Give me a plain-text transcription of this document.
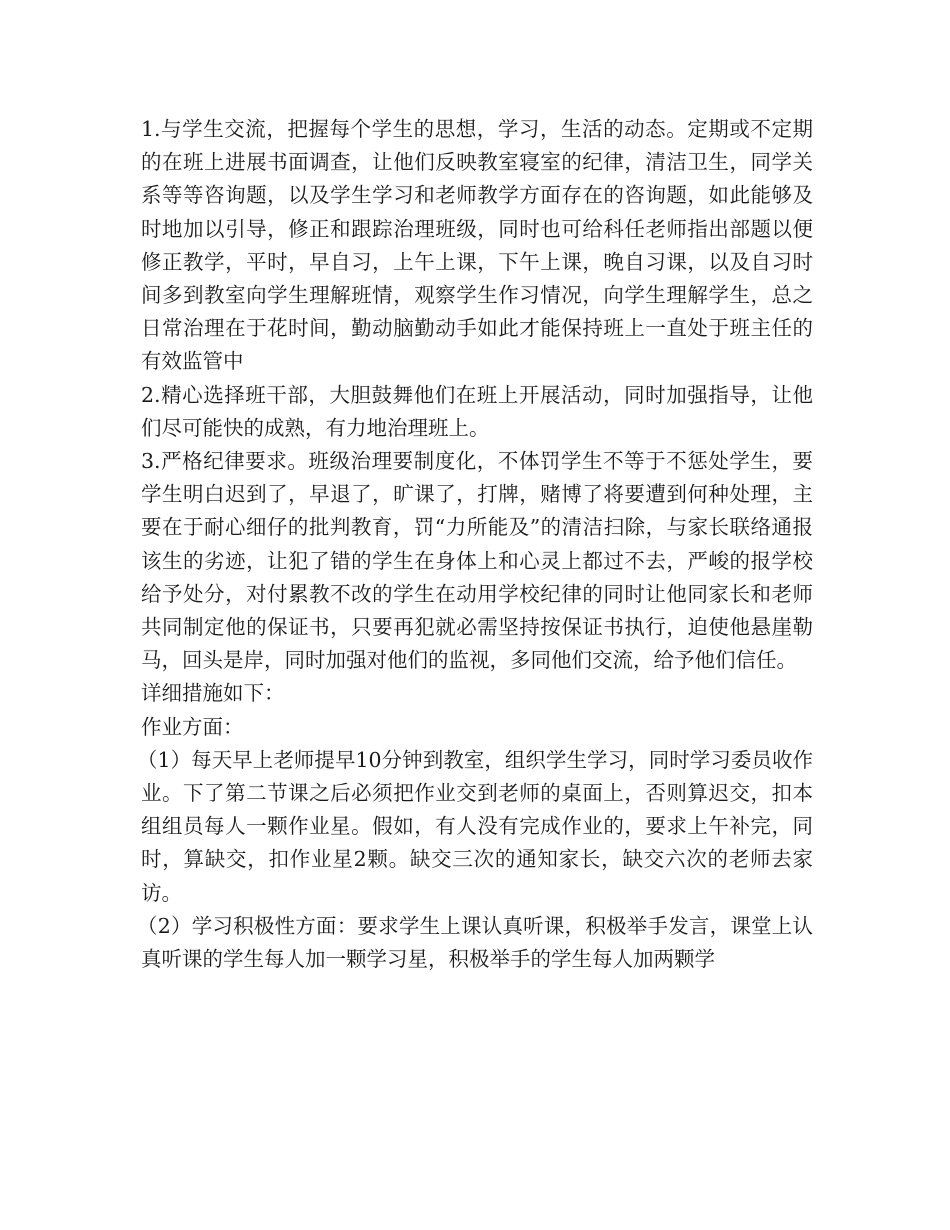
1.与学生交流，把握每个学生的思想，学习，生活的动态。定期或不定期的在班上进展书面调查，让他们反映教室寝室的纪律，清洁卫生，同学关系等等咨询题，以及学生学习和老师教学方面存在的咨询题，如此能够及时地加以引导，修正和跟踪治理班级，同时也可给科任老师指出部题以便修正教学，平时，早自习，上午上课，下午上课，晚自习课，以及自习时间多到教室向学生理解班情，观察学生作习情况，向学生理解学生，总之日常治理在于花时间，勤动脑勤动手如此才能保持班上一直处于班主任的有效监管中

2.精心选择班干部，大胆鼓舞他们在班上开展活动，同时加强指导，让他们尽可能快的成熟，有力地治理班上。

3.严格纪律要求。班级治理要制度化，不体罚学生不等于不惩处学生，要学生明白迟到了，早退了，旷课了，打牌，赌博了将要遭到何种处理，主要在于耐心细仔的批判教育，罚“力所能及”的清洁扫除，与家长联络通报该生的劣迹，让犯了错的学生在身体上和心灵上都过不去，严峻的报学校给予处分，对付累教不改的学生在动用学校纪律的同时让他同家长和老师共同制定他的保证书，只要再犯就必需坚持按保证书执行，迫使他悬崖勒马，回头是岸，同时加强对他们的监视，多同他们交流，给予他们信任。

详细措施如下：

作业方面：

（1）每天早上老师提早10分钟到教室，组织学生学习，同时学习委员收作业。下了第二节课之后必须把作业交到老师的桌面上，否则算迟交，扣本组组员每人一颗作业星。假如，有人没有完成作业的，要求上午补完，同时，算缺交，扣作业星2颗。缺交三次的通知家长，缺交六次的老师去家访。

（2）学习积极性方面：要求学生上课认真听课，积极举手发言，课堂上认真听课的学生每人加一颗学习星，积极举手的学生每人加两颗学
